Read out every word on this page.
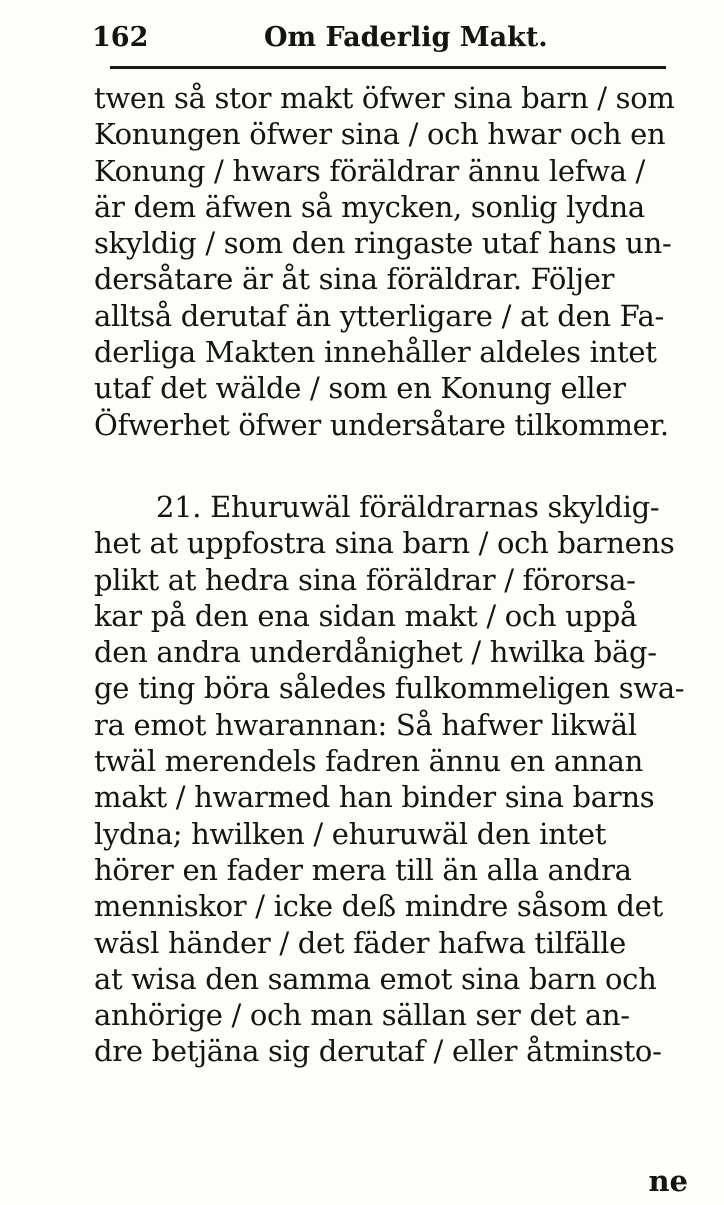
162	Om Faderlig Makt.
twen så stor makt öfwer sina barn / som
Konungen öfwer sina / och hwar och en
Konung / hwars föräldrar ännu lefwa /
är dem äfwen så mycken, sonlig lydna
skyldig / som den ringaste utaf hans un-
dersåtare är åt sina föräldrar. Följer
alltså derutaf än ytterligare / at den Fa-
derliga Makten innehåller aldeles intet
utaf det wälde / som en Konung eller
Öfwerhet öfwer undersåtare tilkommer.
21. Ehuruwäl föräldrarnas skyldig-
het at uppfostra sina barn / och barnens
plikt at hedra sina föräldrar / förorsa-
kar på den ena sidan makt / och uppå
den andra underdånighet / hwilka bäg-
ge ting böra således fulkommeligen swa-
ra emot hwarannan: Så hafwer likwäl
twäl merendels fadren ännu en annan
makt / hwarmed han binder sina barns
lydna; hwilken / ehuruwäl den intet
hörer en fader mera till än alla andra
menniskor / icke deß mindre såsom det
wäsl händer / det fäder hafwa tilfälle
at wisa den samma emot sina barn och
anhörige / och man sällan ser det an-
dre betjäna sig derutaf / eller åtminsto-
ne
